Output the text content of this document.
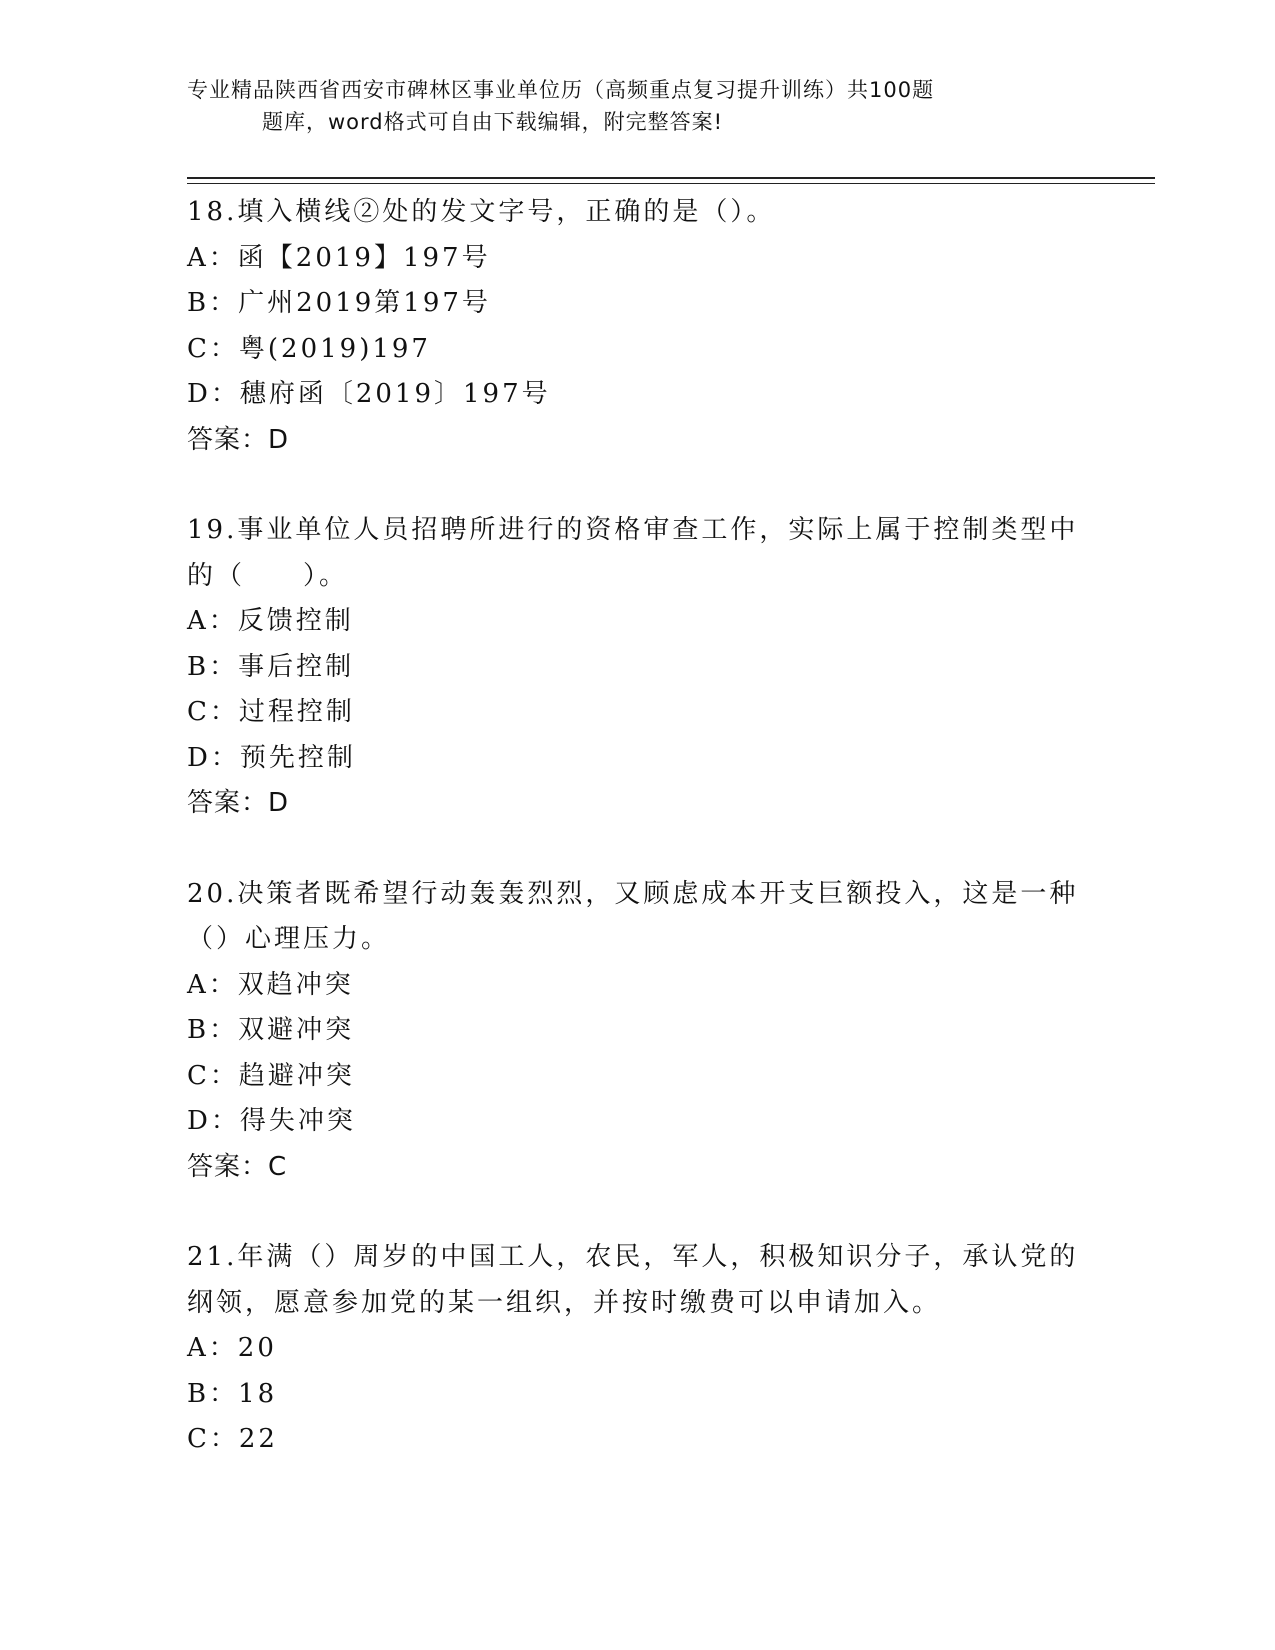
专业精品陕西省西安市碑林区事业单位历（高频重点复习提升训练）共100题
题库，word格式可自由下载编辑，附完整答案!
18.填入横线②处的发文字号，正确的是（）。
A：函【2019】197号
B：广州2019第197号
C：粤(2019)197
D：穗府函〔2019〕197号
答案：D
19.事业单位人员招聘所进行的资格审查工作，实际上属于控制类型中
的（　　）。
A：反馈控制
B：事后控制
C：过程控制
D：预先控制
答案：D
20.决策者既希望行动轰轰烈烈，又顾虑成本开支巨额投入，这是一种
（）心理压力。
A：双趋冲突
B：双避冲突
C：趋避冲突
D：得失冲突
答案：C
21.年满（）周岁的中国工人，农民，军人，积极知识分子，承认党的
纲领，愿意参加党的某一组织，并按时缴费可以申请加入。
A：20
B：18
C：22
